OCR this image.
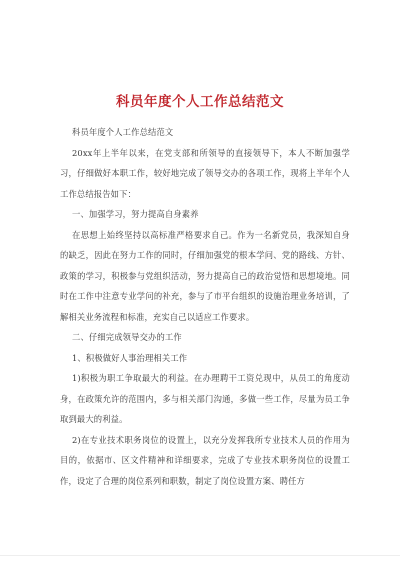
科员年度个人工作总结范文

科员年度个人工作总结范文

20xx年上半年以来，在党支部和所领导的直接领导下，本人不断加强学习，仔细做好本职工作，较好地完成了领导交办的各项工作，现将上半年个人工作总结报告如下：

一、加强学习，努力提高自身素养

在思想上始终坚持以高标准严格要求自己。作为一名新党员，我深知自身的缺乏，因此在努力工作的同时，仔细加强党的根本学问、党的路线、方针、政策的学习，积极参与党组织活动，努力提高自己的政治觉悟和思想境地。同时在工作中注意专业学问的补充，参与了市平台组织的设施治理业务培训，了解相关业务流程和标准，充实自己以适应工作要求。

二、仔细完成领导交办的工作

1、积极做好人事治理相关工作

1)积极为职工争取最大的利益。在办理聘干工资兑现中，从员工的角度动身，在政策允许的范围内，多与相关部门沟通，多做一些工作，尽量为员工争取到最大的利益。

2)在专业技术职务岗位的设置上，以充分发挥我所专业技术人员的作用为目的，依据市、区文件精神和详细要求，完成了专业技术职务岗位的设置工作，设定了合理的岗位系列和职数，制定了岗位设置方案、聘任方
